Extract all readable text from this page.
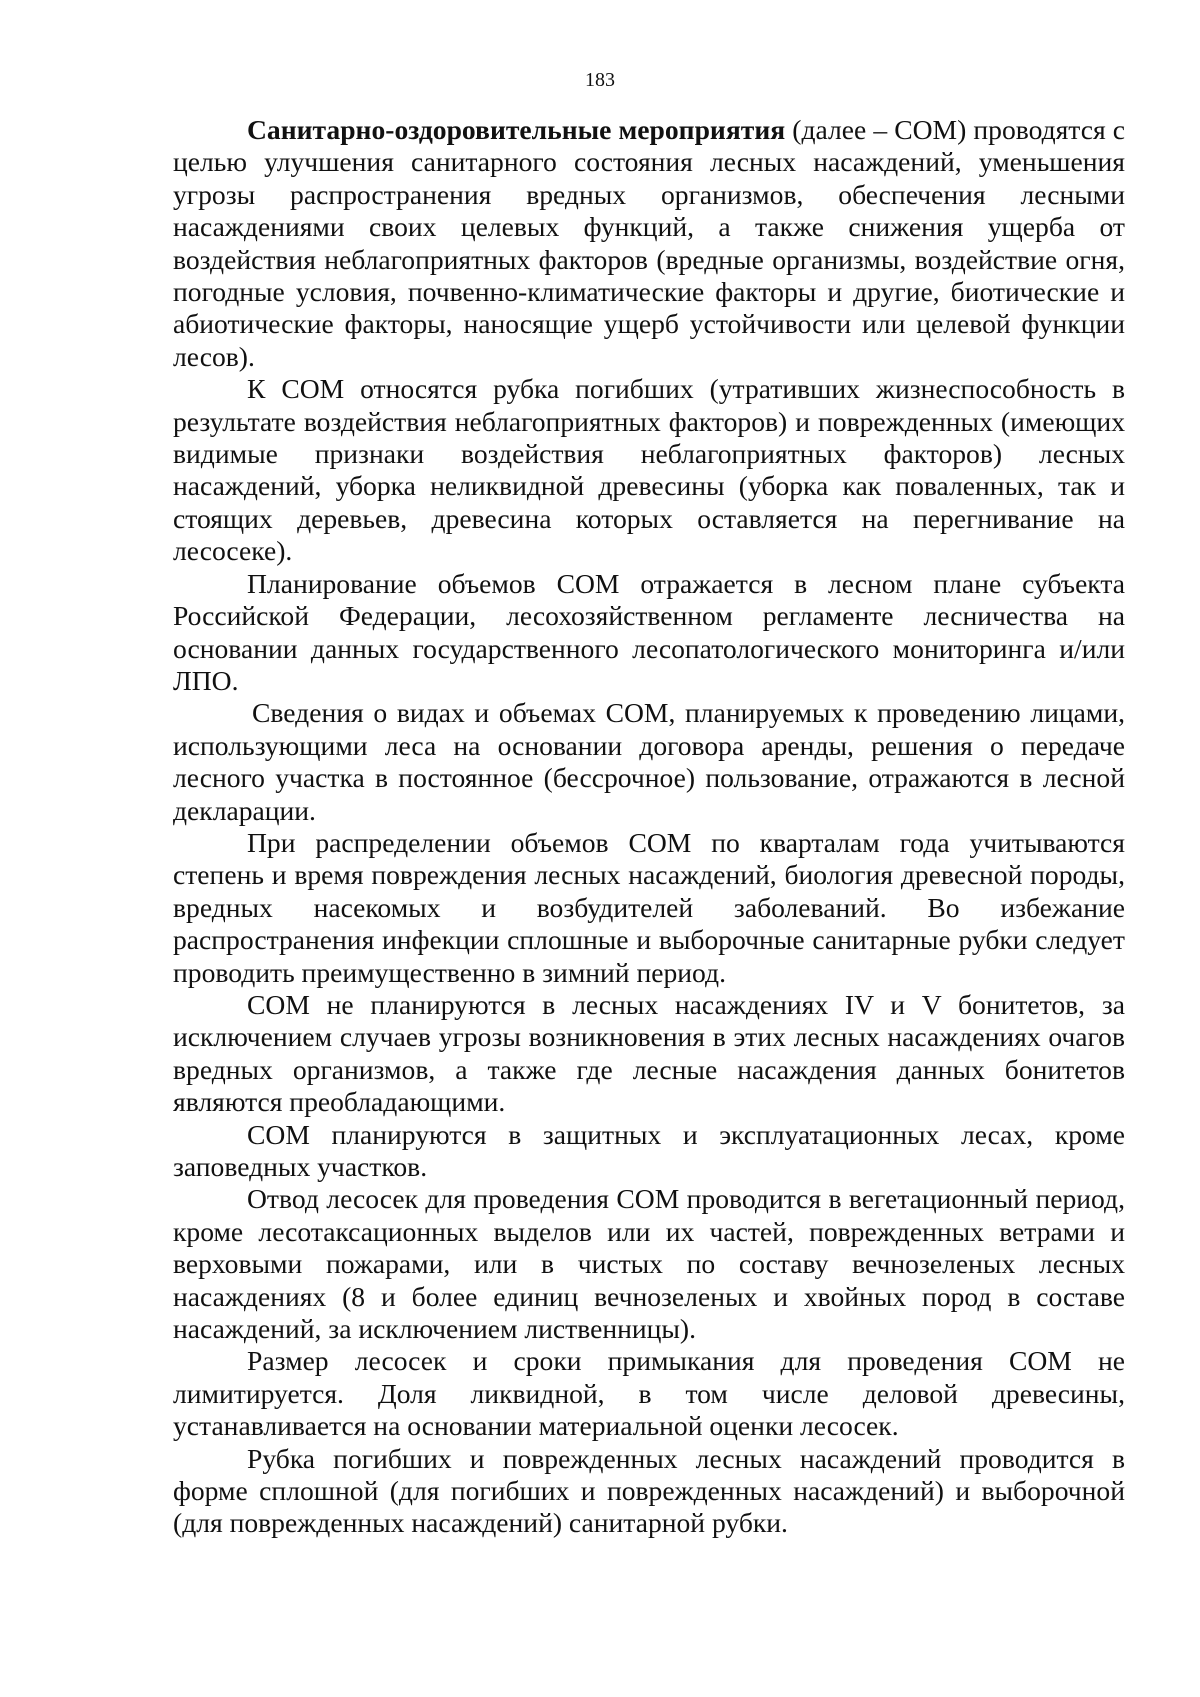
183

Санитарно-оздоровительные мероприятия (далее – СОМ) проводятся с целью улучшения санитарного состояния лесных насаждений, уменьшения угрозы распространения вредных организмов, обеспечения лесными насаждениями своих целевых функций, а также снижения ущерба от воздействия неблагоприятных факторов (вредные организмы, воздействие огня, погодные условия, почвенно-климатические факторы и другие, биотические и абиотические факторы, наносящие ущерб устойчивости или целевой функции лесов).

К СОМ относятся рубка погибших (утративших жизнеспособность в результате воздействия неблагоприятных факторов) и поврежденных (имеющих видимые признаки воздействия неблагоприятных факторов) лесных насаждений, уборка неликвидной древесины (уборка как поваленных, так и стоящих деревьев, древесина которых оставляется на перегнивание на лесосеке).

Планирование объемов СОМ отражается в лесном плане субъекта Российской Федерации, лесохозяйственном регламенте лесничества на основании данных государственного лесопатологического мониторинга и/или ЛПО.

Сведения о видах и объемах СОМ, планируемых к проведению лицами, использующими леса на основании договора аренды, решения о передаче лесного участка в постоянное (бессрочное) пользование, отражаются в лесной декларации.

При распределении объемов СОМ по кварталам года учитываются степень и время повреждения лесных насаждений, биология древесной породы, вредных насекомых и возбудителей заболеваний. Во избежание распространения инфекции сплошные и выборочные санитарные рубки следует проводить преимущественно в зимний период.

СОМ не планируются в лесных насаждениях IV и V бонитетов, за исключением случаев угрозы возникновения в этих лесных насаждениях очагов вредных организмов, а также где лесные насаждения данных бонитетов являются преобладающими.

СОМ планируются в защитных и эксплуатационных лесах, кроме заповедных участков.

Отвод лесосек для проведения СОМ проводится в вегетационный период, кроме лесотаксационных выделов или их частей, поврежденных ветрами и верховыми пожарами, или в чистых по составу вечнозеленых лесных насаждениях (8 и более единиц вечнозеленых и хвойных пород в составе насаждений, за исключением лиственницы).

Размер лесосек и сроки примыкания для проведения СОМ не лимитируется. Доля ликвидной, в том числе деловой древесины, устанавливается на основании материальной оценки лесосек.

Рубка погибших и поврежденных лесных насаждений проводится в форме сплошной (для погибших и поврежденных насаждений) и выборочной (для поврежденных насаждений) санитарной рубки.
